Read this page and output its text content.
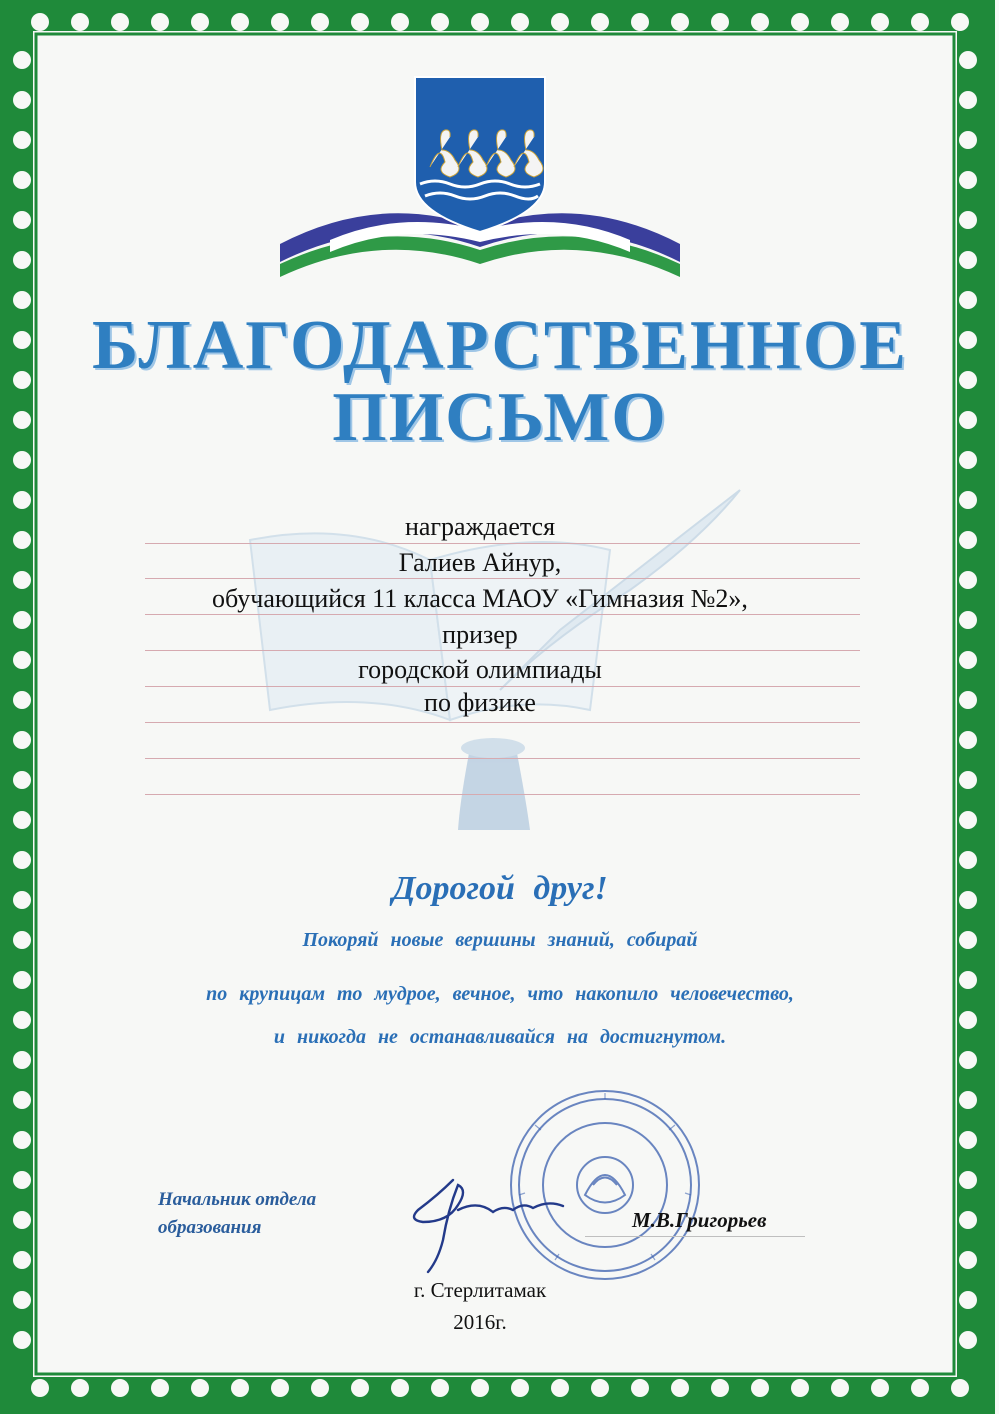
БЛАГОДАРСТВЕННОЕ
ПИСЬМО
награждается
Галиев Айнур,
обучающийся 11 класса МАОУ «Гимназия №2»,
призер
городской олимпиады
по физике
Дорогой друг!
Покоряй новые вершины знаний, собирай
по крупицам то мудрое, вечное, что накопило человечество,
и никогда не останавливайся на достигнутом.
Начальник отдела
образования	М.В.Григорьев
г. Стерлитамак
2016г.
